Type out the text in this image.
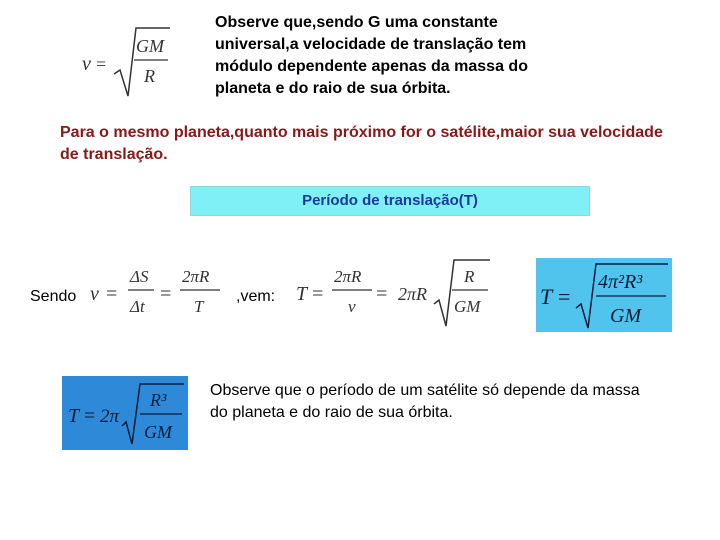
v =
GM
R
Observe que,sendo G uma constante universal,a velocidade de translação tem módulo dependente apenas da massa do planeta e do raio de sua órbita.
Para o mesmo planeta,quanto mais próximo for o satélite,maior sua velocidade de translação.
Período de translação(T)
Sendo v =
ΔS
Δt
=
2πR
T
,vem: T =
2πR
v
= 2πR
R
GM	T =
4π²R³
GM
T = 2π
R³
GM
Observe que o período de um satélite só depende da massa do planeta e do raio de sua órbita.
